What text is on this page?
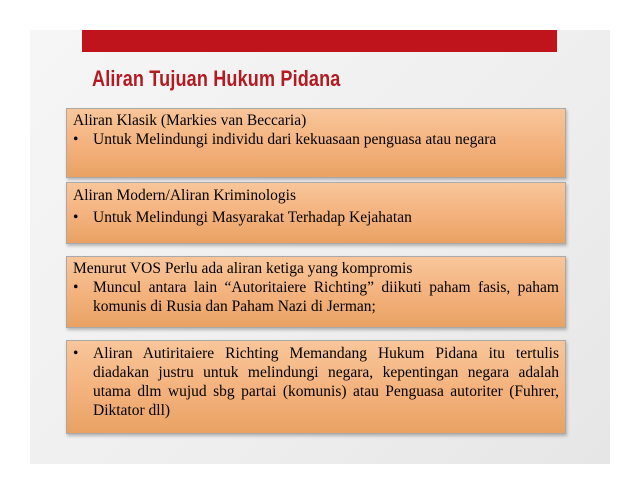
Aliran Tujuan Hukum Pidana
Aliran Klasik (Markies van Beccaria)
• Untuk Melindungi individu dari kekuasaan penguasa atau negara
Aliran Modern/Aliran Kriminologis
• Untuk Melindungi Masyarakat Terhadap Kejahatan
Menurut VOS Perlu ada aliran ketiga yang kompromis
• Muncul antara lain “Autoritaiere Richting” diikuti paham fasis, paham komunis di Rusia dan Paham Nazi di Jerman;
• Aliran Autiritaiere Richting Memandang Hukum Pidana itu tertulis diadakan justru untuk melindungi negara, kepentingan negara adalah utama dlm wujud sbg partai (komunis) atau Penguasa autoriter (Fuhrer, Diktator dll)
